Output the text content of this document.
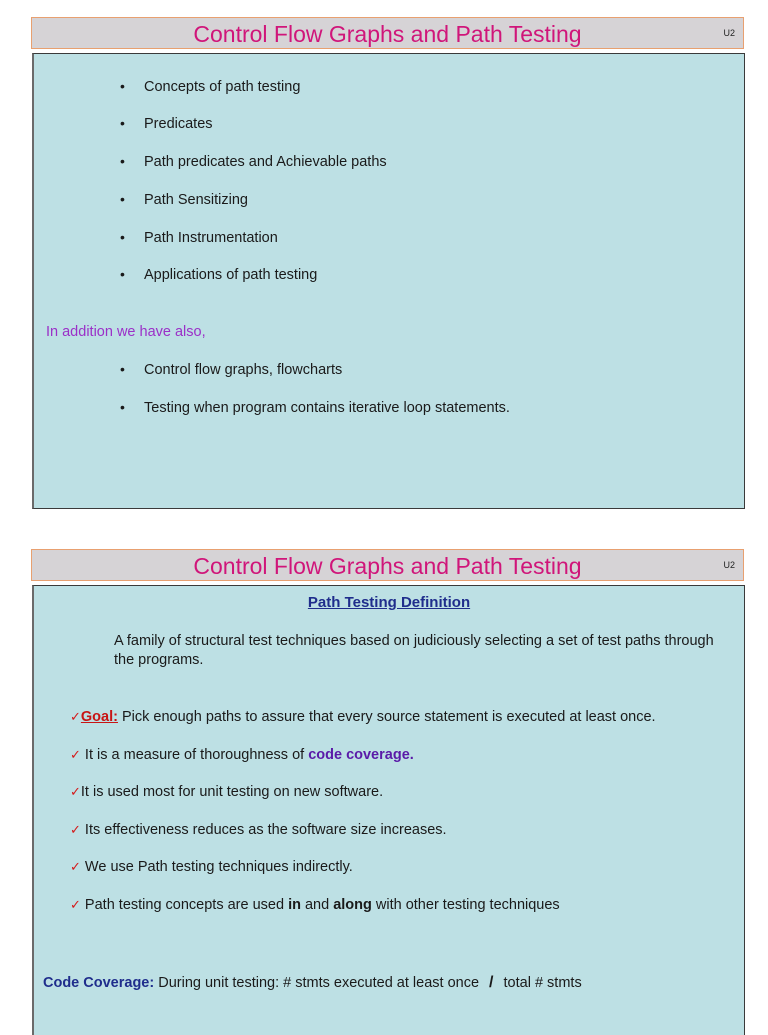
Control Flow Graphs and Path Testing	U2
• Concepts of path testing
• Predicates
• Path predicates and Achievable paths
• Path Sensitizing
• Path Instrumentation
• Applications of path testing
In addition we have also,
• Control flow graphs, flowcharts
• Testing when program contains iterative loop statements.
Control Flow Graphs and Path Testing	U2
Path Testing Definition
A family of structural test techniques based on judiciously selecting a set of test paths through the programs.
✓Goal: Pick enough paths to assure that every source statement is executed at least once.
✓ It is a measure of thoroughness of code coverage.
✓It is used most for unit testing on new software.
✓ Its effectiveness reduces as the software size increases.
✓ We use Path testing techniques indirectly.
✓ Path testing concepts are used in and along with other testing techniques
Code Coverage: During unit testing: # stmts executed at least once / total # stmts
